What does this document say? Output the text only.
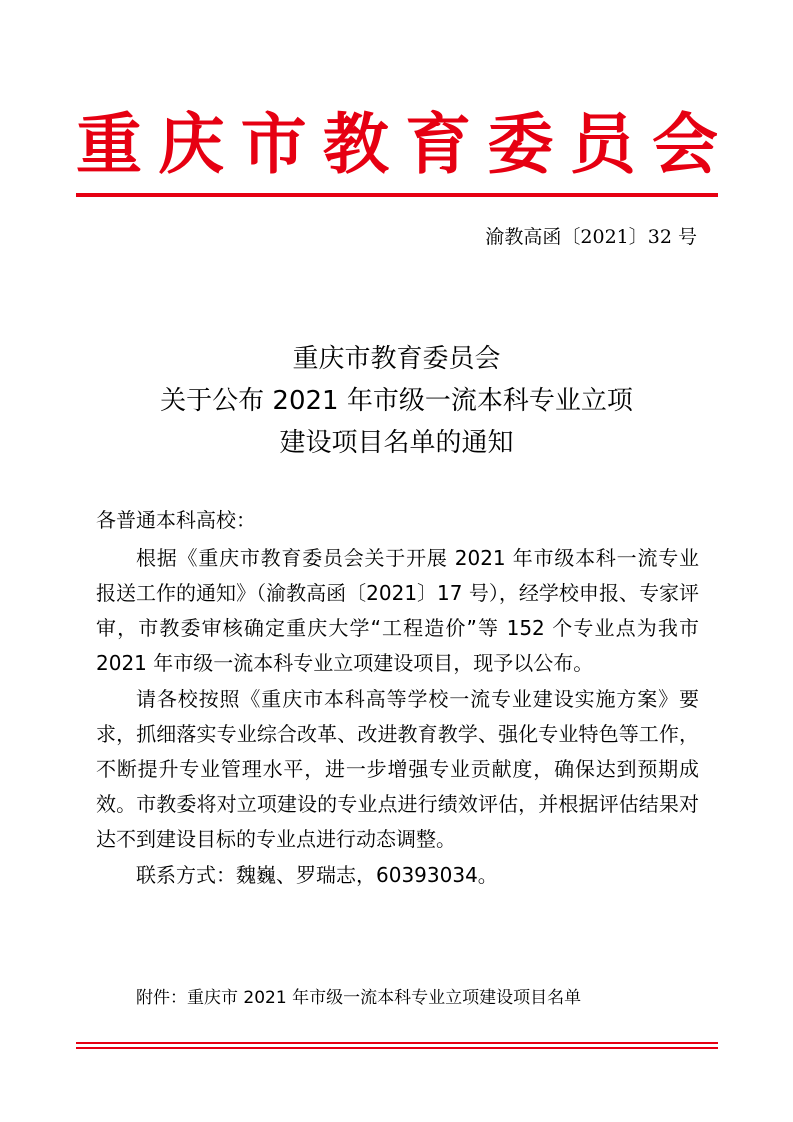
重 庆 市 教 育 委 员 会
渝教高函〔2021〕32 号
重庆市教育委员会
关于公布 2021 年市级一流本科专业立项
建设项目名单的通知
各普通本科高校：

根据《重庆市教育委员会关于开展 2021 年市级本科一流专业报送工作的通知》（渝教高函〔2021〕17 号），经学校申报、专家评审，市教委审核确定重庆大学“工程造价”等 152 个专业点为我市 2021 年市级一流本科专业立项建设项目，现予以公布。

请各校按照《重庆市本科高等学校一流专业建设实施方案》要求，抓细落实专业综合改革、改进教育教学、强化专业特色等工作，不断提升专业管理水平，进一步增强专业贡献度，确保达到预期成效。市教委将对立项建设的专业点进行绩效评估，并根据评估结果对达不到建设目标的专业点进行动态调整。

联系方式：魏巍、罗瑞志，60393034。

附件：重庆市 2021 年市级一流本科专业立项建设项目名单
